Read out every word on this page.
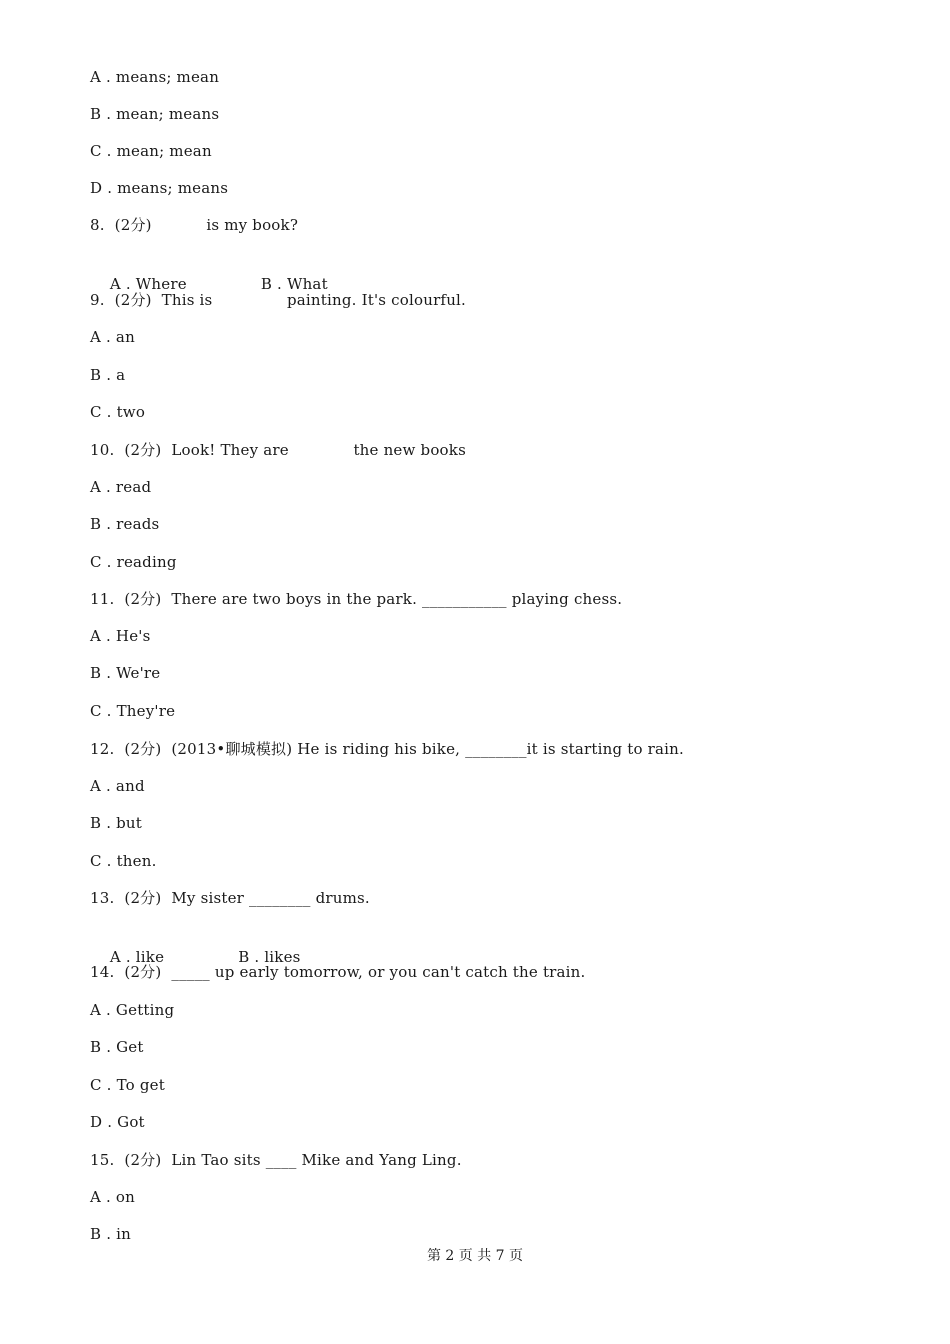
A . means; mean
B . mean; means
C . mean; mean
D . means; means
8.  (2分)           is my book?

A . Where	B . What

9.  (2分)  This is               painting. It's colourful.
A . an
B . a
C . two
10.  (2分)  Look! They are             the new books
A . read
B . reads
C . reading
11.  (2分)  There are two boys in the park. ___________ playing chess.
A . He's
B . We're
C . They're
12.  (2分)  (2013•聊城模拟) He is riding his bike, ________it is starting to rain.
A . and
B . but
C . then.
13.  (2分)  My sister ________ drums.

A . like	B . likes

14.  (2分)  _____ up early tomorrow, or you can't catch the train.
A . Getting
B . Get
C . To get
D . Got
15.  (2分)  Lin Tao sits ____ Mike and Yang Ling.
A . on
B . in
第 2 页 共 7 页
